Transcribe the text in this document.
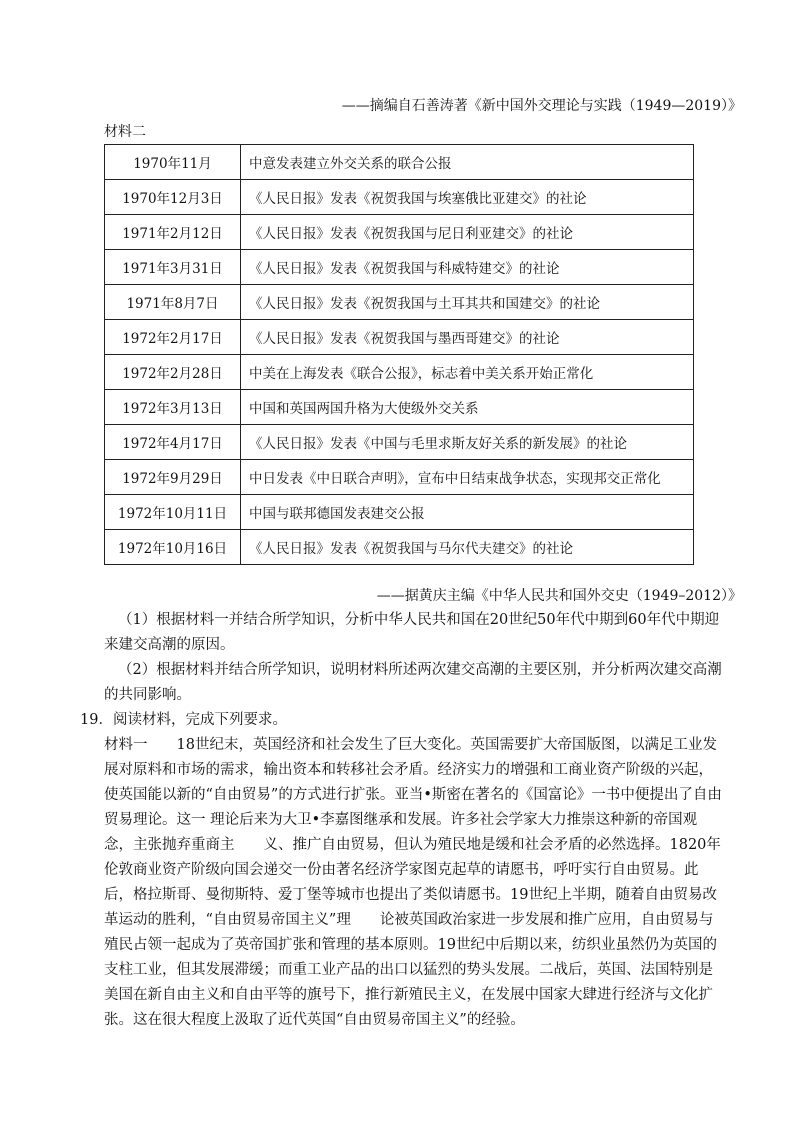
——摘编自石善涛著《新中国外交理论与实践（1949—2019）》
材料二
1970年11月	中意发表建立外交关系的联合公报
1970年12月3日	《人民日报》发表《祝贺我国与埃塞俄比亚建交》的社论
1971年2月12日	《人民日报》发表《祝贺我国与尼日利亚建交》的社论
1971年3月31日	《人民日报》发表《祝贺我国与科威特建交》的社论
1971年8月7日	《人民日报》发表《祝贺我国与土耳其共和国建交》的社论
1972年2月17日	《人民日报》发表《祝贺我国与墨西哥建交》的社论
1972年2月28日	中美在上海发表《联合公报》，标志着中美关系开始正常化
1972年3月13日	中国和英国两国升格为大使级外交关系
1972年4月17日	《人民日报》发表《中国与毛里求斯友好关系的新发展》的社论
1972年9月29日	中日发表《中日联合声明》，宣布中日结束战争状态，实现邦交正常化
1972年10月11日	中国与联邦德国发表建交公报
1972年10月16日	《人民日报》发表《祝贺我国与马尔代夫建交》的社论
——据黄庆主编《中华人民共和国外交史（1949–2012）》

（1）根据材料一并结合所学知识，分析中华人民共和国在20世纪50年代中期到60年代中期迎来建交高潮的原因。

（2）根据材料并结合所学知识，说明材料所述两次建交高潮的主要区别，并分析两次建交高潮的共同影响。

19．阅读材料，完成下列要求。

材料一　　18世纪末，英国经济和社会发生了巨大变化。英国需要扩大帝国版图，以满足工业发展对原料和市场的需求，输出资本和转移社会矛盾。经济实力的增强和工商业资产阶级的兴起，使英国能以新的“自由贸易”的方式进行扩张。亚当•斯密在著名的《国富论》一书中便提出了自由贸易理论。这一 理论后来为大卫•李嘉图继承和发展。许多社会学家大力推崇这种新的帝国观念，主张抛弃重商主　　义、推广自由贸易，但认为殖民地是缓和社会矛盾的必然选择。1820年伦敦商业资产阶级向国会递交一份由著名经济学家图克起草的请愿书，呼吁实行自由贸易。此后，格拉斯哥、曼彻斯特、爱丁堡等城市也提出了类似请愿书。19世纪上半期，随着自由贸易改革运动的胜利，“自由贸易帝国主义”理　　论被英国政治家进一步发展和推广应用，自由贸易与殖民占领一起成为了英帝国扩张和管理的基本原则。19世纪中后期以来，纺织业虽然仍为英国的支柱工业，但其发展滞缓；而重工业产品的出口以猛烈的势头发展。二战后，英国、法国特别是美国在新自由主义和自由平等的旗号下，推行新殖民主义，在发展中国家大肆进行经济与文化扩张。这在很大程度上汲取了近代英国“自由贸易帝国主义”的经验。
